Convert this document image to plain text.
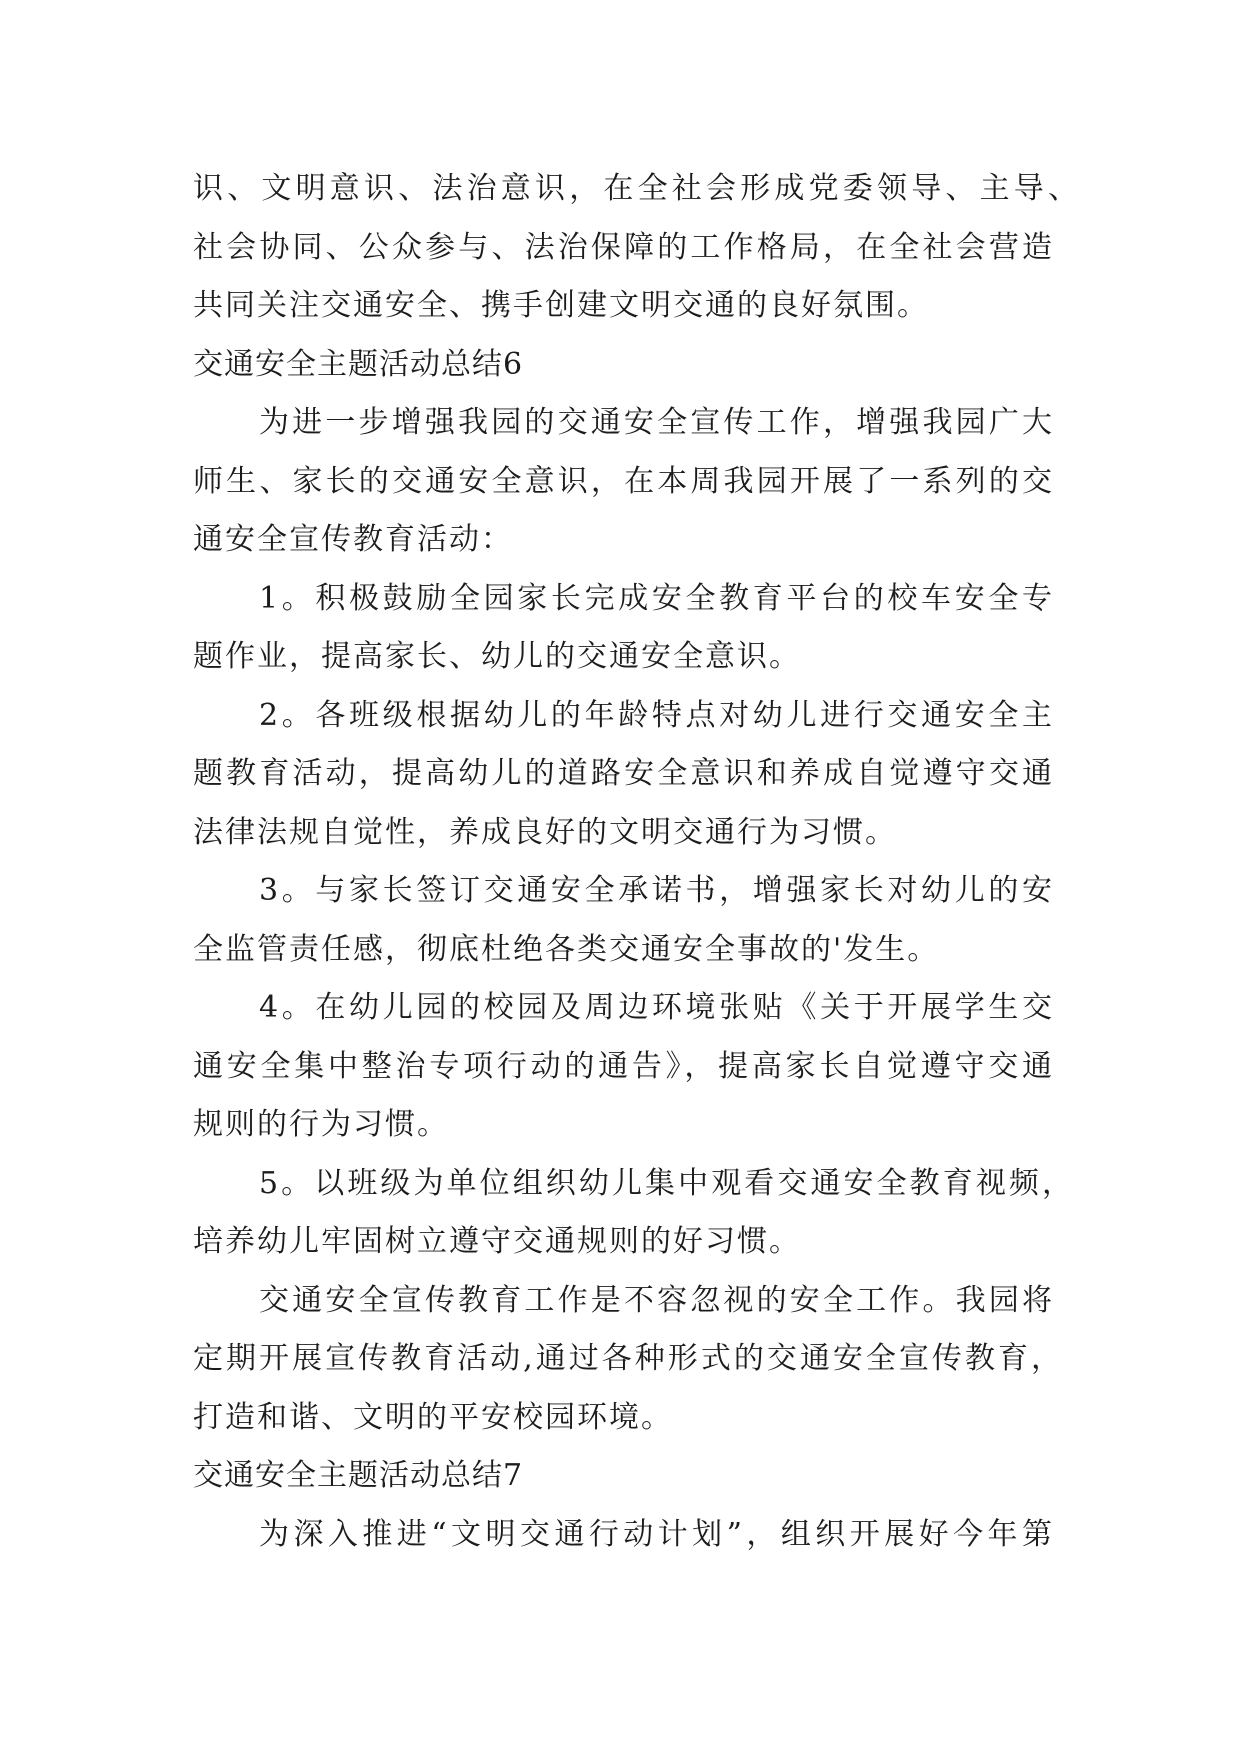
识、文明意识、法治意识，在全社会形成党委领导、主导、
社会协同、公众参与、法治保障的工作格局，在全社会营造
共同关注交通安全、携手创建文明交通的良好氛围。
交通安全主题活动总结6
为进一步增强我园的交通安全宣传工作，增强我园广大
师生、家长的交通安全意识，在本周我园开展了一系列的交
通安全宣传教育活动：
1。积极鼓励全园家长完成安全教育平台的校车安全专
题作业，提高家长、幼儿的交通安全意识。
2。各班级根据幼儿的年龄特点对幼儿进行交通安全主
题教育活动，提高幼儿的道路安全意识和养成自觉遵守交通
法律法规自觉性，养成良好的文明交通行为习惯。
3。与家长签订交通安全承诺书，增强家长对幼儿的安
全监管责任感，彻底杜绝各类交通安全事故的'发生。
4。在幼儿园的校园及周边环境张贴《关于开展学生交
通安全集中整治专项行动的通告》，提高家长自觉遵守交通
规则的行为习惯。
5。以班级为单位组织幼儿集中观看交通安全教育视频，
培养幼儿牢固树立遵守交通规则的好习惯。
交通安全宣传教育工作是不容忽视的安全工作。我园将
定期开展宣传教育活动,通过各种形式的交通安全宣传教育，
打造和谐、文明的平安校园环境。
交通安全主题活动总结7
为深入推进“文明交通行动计划”，组织开展好今年第
